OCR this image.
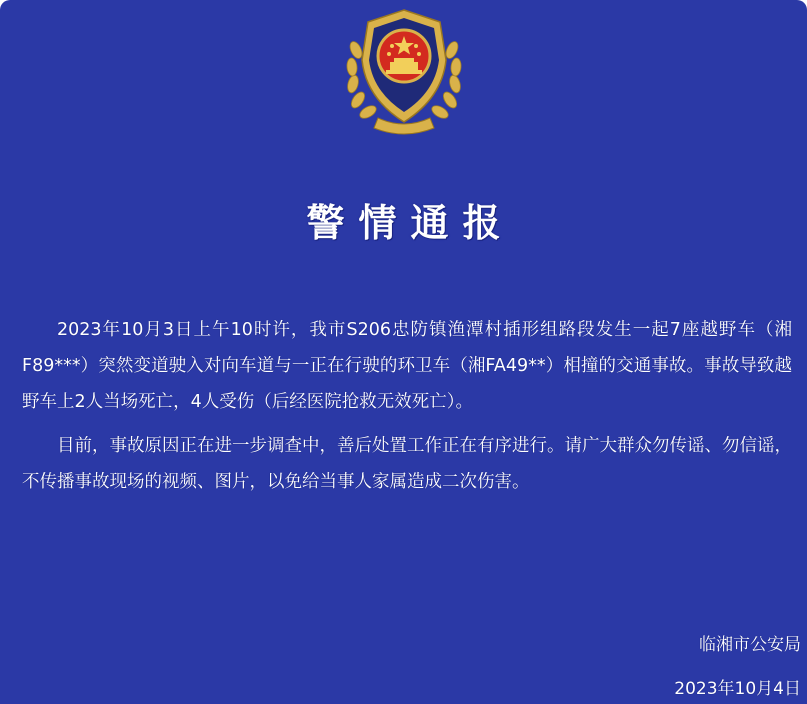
警情通报

2023年10月3日上午10时许，我市S206忠防镇渔潭村插形组路段发生一起7座越野车（湘F89***）突然变道驶入对向车道与一正在行驶的环卫车（湘FA49**）相撞的交通事故。事故导致越野车上2人当场死亡，4人受伤（后经医院抢救无效死亡）。

目前，事故原因正在进一步调查中，善后处置工作正在有序进行。请广大群众勿传谣、勿信谣，不传播事故现场的视频、图片，以免给当事人家属造成二次伤害。

临湘市公安局
2023年10月4日
